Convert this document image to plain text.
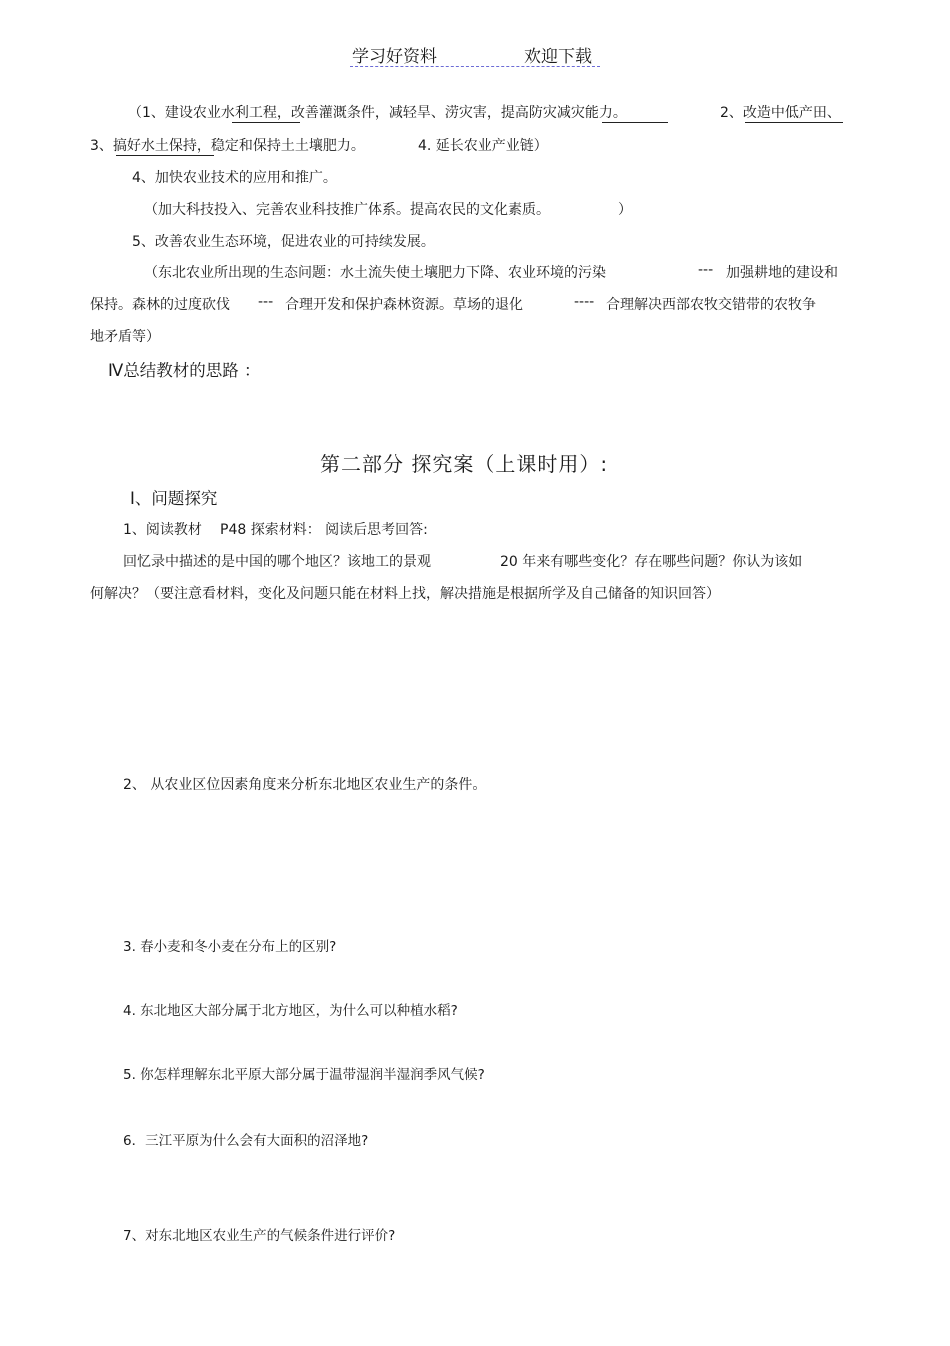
学习好资料	欢迎下载
（1、建设农业水利工程，改善灌溉条件，减轻旱、涝灾害，提高防灾减灾能力。	2、改造中低产田、
3、搞好水土保持，稳定和保持土土壤肥力。	4. 延长农业产业链）
4、加快农业技术的应用和推广。
（加大科技投入、完善农业科技推广体系。提高农民的文化素质。	）
5、改善农业生态环境，促进农业的可持续发展。
（东北农业所出现的生态问题：水土流失使土壤肥力下降、农业环境的污染	--- 加强耕地的建设和
保持。森林的过度砍伐 --- 合理开发和保护森林资源。草场的退化	---- 合理解决西部农牧交错带的农牧争
地矛盾等）
Ⅳ总结教材的思路 ：
第二部分 探究案（上课时用）:
Ⅰ、问题探究
1、阅读教材 P48 探索材料： 阅读后思考回答:
回忆录中描述的是中国的哪个地区？该地工的景观	20 年来有哪些变化？存在哪些问题？你认为该如
何解决？（要注意看材料，变化及问题只能在材料上找，解决措施是根据所学及自己储备的知识回答）
2、 从农业区位因素角度来分析东北地区农业生产的条件。
3. 春小麦和冬小麦在分布上的区别?
4. 东北地区大部分属于北方地区，为什么可以种植水稻?
5. 你怎样理解东北平原大部分属于温带湿润半湿润季风气候?
6．三江平原为什么会有大面积的沼泽地?
7、对东北地区农业生产的气候条件进行评价?
